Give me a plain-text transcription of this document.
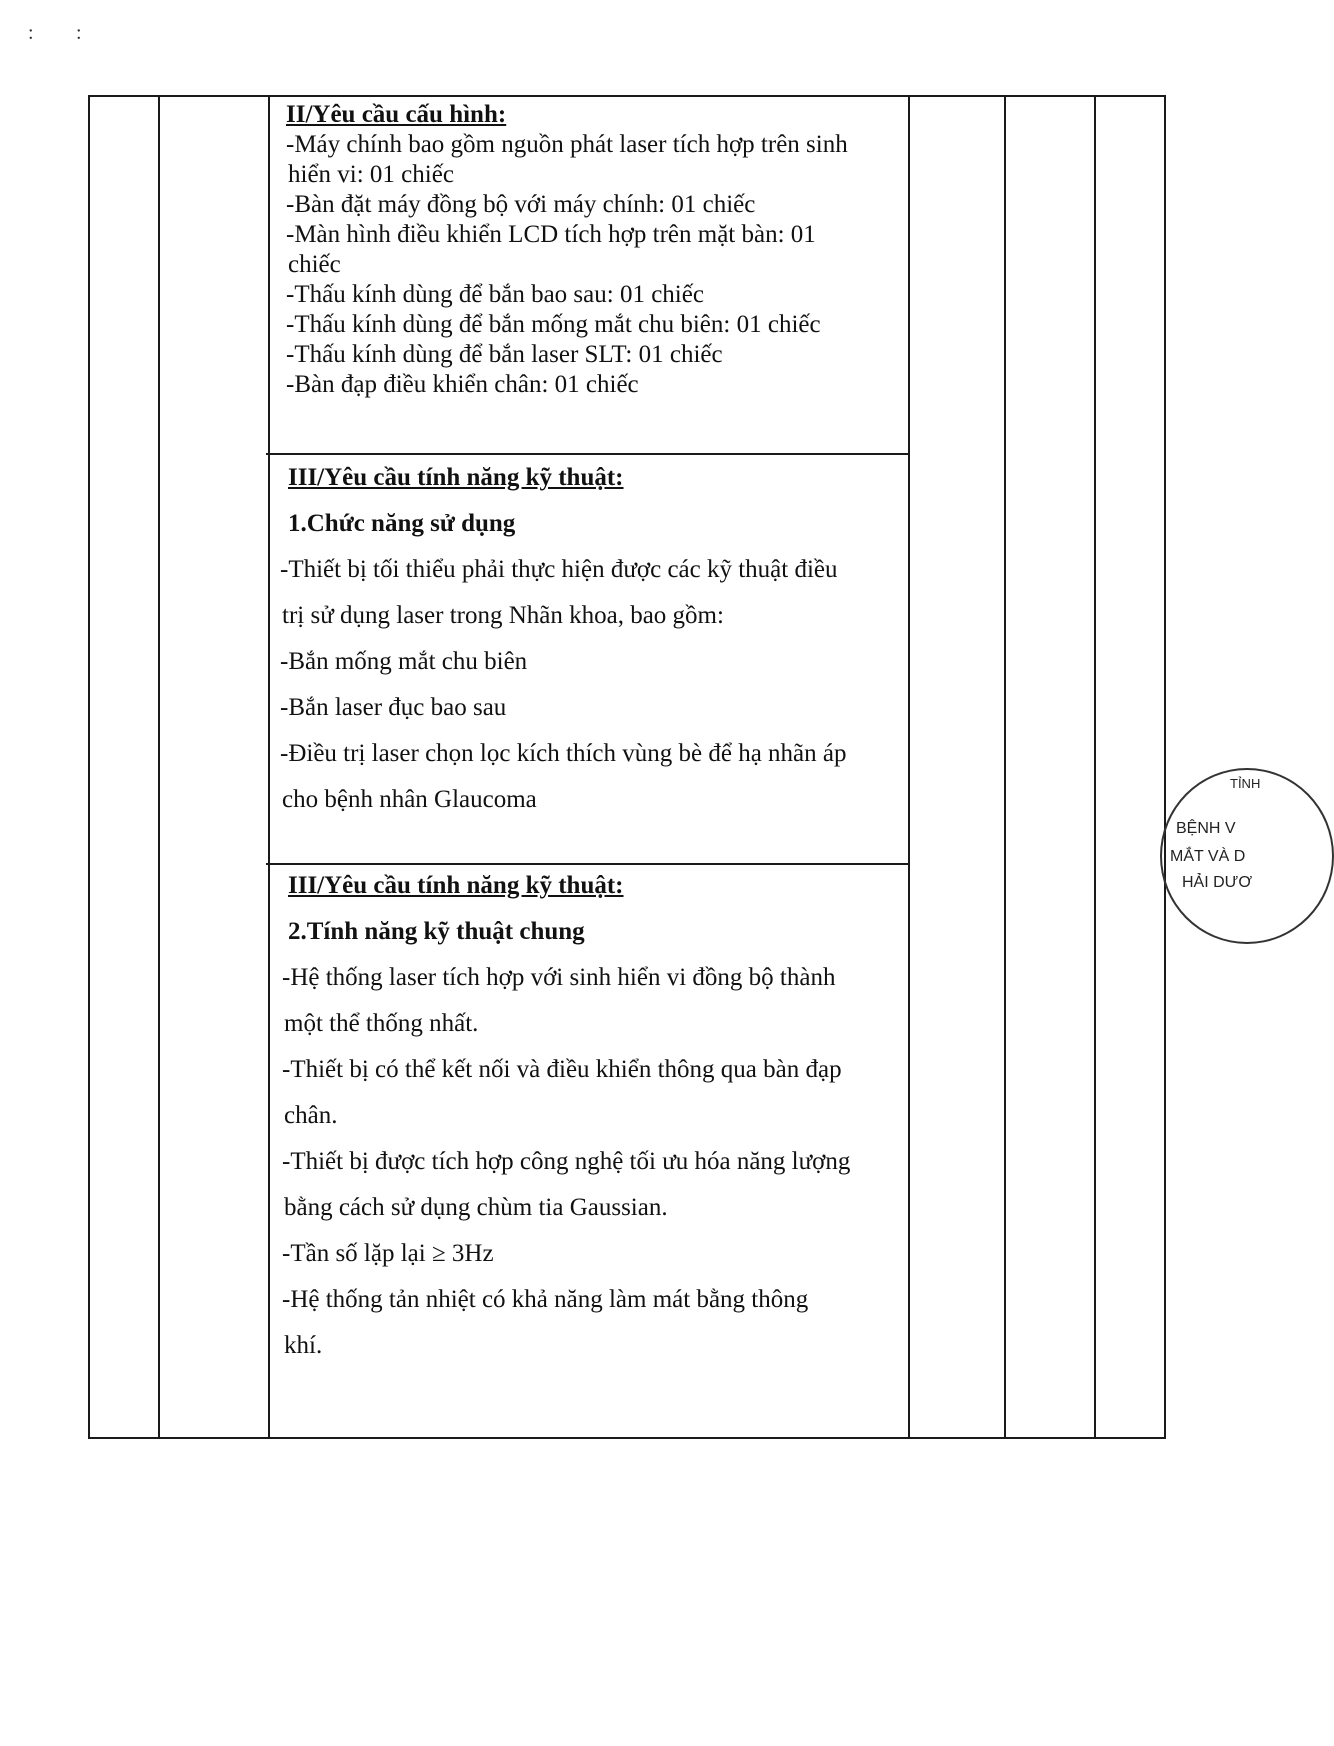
: :
II/Yêu cầu cấu hình:
-Máy chính bao gồm nguồn phát laser tích hợp trên sinh
hiển vi: 01 chiếc
-Bàn đặt máy đồng bộ với máy chính: 01 chiếc
-Màn hình điều khiển LCD tích hợp trên mặt bàn: 01
chiếc
-Thấu kính dùng để bắn bao sau: 01 chiếc
-Thấu kính dùng để bắn mống mắt chu biên: 01 chiếc
-Thấu kính dùng để bắn laser SLT: 01 chiếc
-Bàn đạp điều khiển chân: 01 chiếc
III/Yêu cầu tính năng kỹ thuật:
1.Chức năng sử dụng
-Thiết bị tối thiểu phải thực hiện được các kỹ thuật điều
trị sử dụng laser trong Nhãn khoa, bao gồm:
-Bắn mống mắt chu biên
-Bắn laser đục bao sau
-Điều trị laser chọn lọc kích thích vùng bè để hạ nhãn áp
cho bệnh nhân Glaucoma
III/Yêu cầu tính năng kỹ thuật:
2.Tính năng kỹ thuật chung
-Hệ thống laser tích hợp với sinh hiển vi đồng bộ thành
một thể thống nhất.
-Thiết bị có thể kết nối và điều khiển thông qua bàn đạp
chân.
-Thiết bị được tích hợp công nghệ tối ưu hóa năng lượng
bằng cách sử dụng chùm tia Gaussian.
-Tần số lặp lại ≥ 3Hz
-Hệ thống tản nhiệt có khả năng làm mát bằng thông
khí.
TỈNH
BỆNH V
MẮT VÀ D
HẢI DƯƠ
